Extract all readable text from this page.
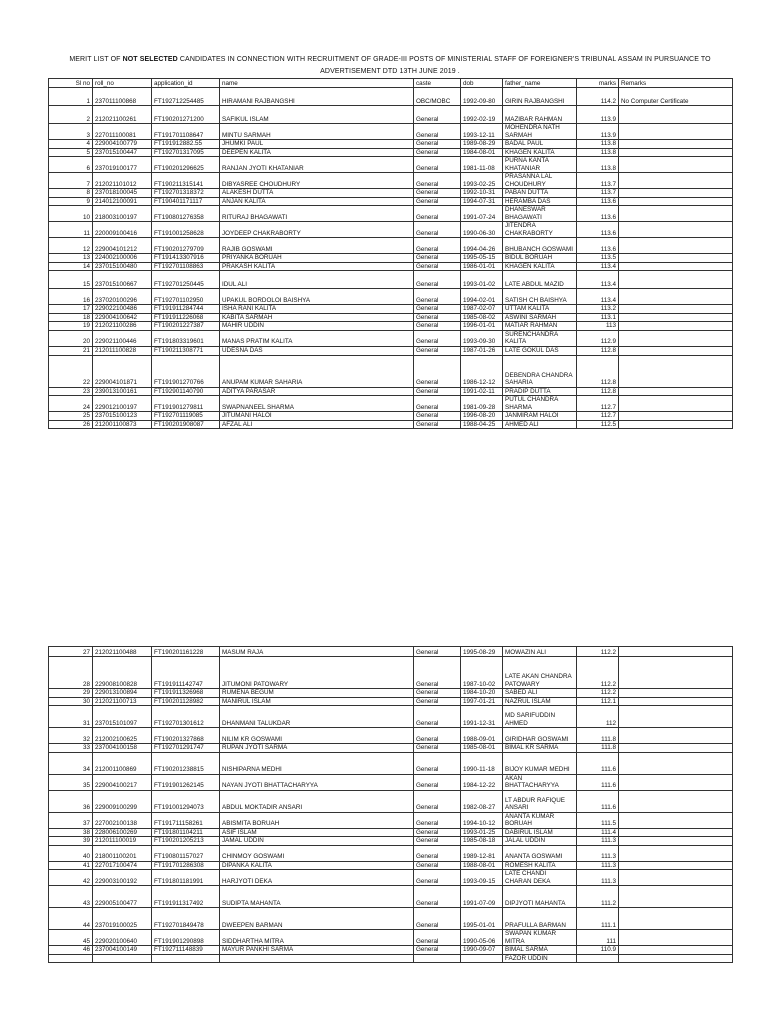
MERIT LIST OF NOT SELECTED CANDIDATES IN CONNECTION WITH RECRUITMENT OF GRADE-III POSTS OF MINISTERIAL STAFF OF FOREIGNER'S TRIBUNAL ASSAM IN PURSUANCE TO
ADVERTISEMENT DTD 13TH JUNE 2019 .
Sl no	roll_no	application_id	name	caste	dob	father_name	marks	Remarks
1	237011100868	FT192712254485	HIRAMANI RAJBANGSHI	OBC/MOBC	1992-09-80	GIRIN RAJBANGSHI	114.2	No Computer Certificate
2	212021100261	FT190201271200	SAFIKUL ISLAM	General	1992-02-19	MAZIBAR RAHMAN	113.9	
3	227011100081	FT191701108647	MINTU SARMAH	General	1993-12-11	MOHENDRA NATH SARMAH	113.9	
4	229004100779	FT191912882.55	JHUMKI PAUL	General	1989-08-29	BADAL PAUL	113.8	
5	237015100447	FT192701317095	DEEPEN KALITA	General	1984-08-01	KHAGEN KALITA	113.8	
6	237019100177	FT190201296625	RANJAN JYOTI KHATANIAR	General	1981-11-08	PURNA KANTA KHATANIAR	113.8	
7	212021101012	FT190211315141	DIBYASREE CHOUDHURY	General	1993-02-25	PRASANNA LAL CHOUDHURY	113.7	
8	237018100045	FT192701318372	ALAKESH DUTTA	General	1992-10-31	PABAN DUTTA	113.7	
9	214012100091	FT190401171117	ANJAN KALITA	General	1994-07-31	HERAMBA DAS	113.6	
10	218003100197	FT190801276358	RITURAJ BHAGAWATI	General	1991-07-24	DHANESWAR BHAGAWATI	113.6	
11	220009100416	FT191001258628	JOYDEEP CHAKRABORTY	General	1990-06-30	JITENDRA CHAKRABORTY	113.6	
12	229004101212	FT190201279709	RAJIB GOSWAMI	General	1994-04-26	BHUBANCH GOSWAMI	113.6	
13	224002100006	FT191413307916	PRIYANKA BORUAH	General	1995-05-15	BIDUL BORUAH	113.5	
14	237015100480	FT192701108863	PRAKASH KALITA	General	1986-01-01	KHAGEN KALITA	113.4	
15	237015100667	FT192701250445	IDUL ALI	General	1993-01-02	LATE ABDUL MAZID	113.4	
16	237020100296	FT192701102950	UPAKUL BORDOLOI BAISHYA	General	1994-02-01	SATISH CH BAISHYA	113.4	
17	229022100486	FT191911284744	ISHA RANI KALITA	General	1987-02-07	UTTAM KALITA	113.2	
18	229004100642	FT191911226068	KABITA SARMAH	General	1985-08-02	ASWINI SARMAH	113.1	
19	212021100286	FT190201227387	MAHIR UDDIN	General	1996-01-01	MATIAR RAHMAN	113	
20	229021100446	FT191803319601	MANAS PRATIM KALITA	General	1993-09-30	SURENCHANDRA KALITA	112.9	
21	212011100828	FT190211308771	UDESNA DAS	General	1987-01-26	LATE GOKUL DAS	112.8	
22	229004101871	FT191901270766	ANUPAM KUMAR SAHARIA	General	1986-12-12	DEBENDRA CHANDRA SAHARIA	112.8	
23	239013100161	FT192901140790	ADITYA PARASAR	General	1991-02-11	PRADIP DUTTA	112.8	
24	229012100197	FT191901279811	SWAPNANEEL SHARMA	General	1981-09-28	PUTUL CHANDRA SHARMA	112.7	
25	237015100123	FT192701119085	JITUMANI HALOI	General	1996-08-20	JANMIRAM HALOI	112.7	
26	212001100873	FT190201908087	AFZAL ALI	General	1988-04-25	AHMED ALI	112.5	
27	212021100488	FT190201161228	MASUM RAJA	General	1995-08-29	MOWAZIN ALI	112.2	
28	229008100828	FT191911142747	JITUMONI PATOWARY	General	1987-10-02	LATE AKAN CHANDRA PATOWARY	112.2	
29	229013100894	FT191911326968	RUMENA BEGUM	General	1984-10-20	SABED ALI	112.2	
30	212021100713	FT190201128982	MANIRUL ISLAM	General	1997-01-21	NAZRUL ISLAM	112.1	
31	237015101097	FT192701301612	DHANMANI TALUKDAR	General	1991-12-31	MD SARIFUDDIN AHMED	112	
32	212002100625	FT190201327868	NILIM KR GOSWAMI	General	1988-09-01	GIRIDHAR GOSWAMI	111.8	
33	237004100158	FT192701291747	RUPAN JYOTI SARMA	General	1985-08-01	BIMAL KR SARMA	111.8	
34	212001100869	FT190201238815	NISHIPARNA MEDHI	General	1990-11-18	BIJOY KUMAR MEDHI	111.6	
35	229004100217	FT191901262145	NAYAN JYOTI BHATTACHARYYA	General	1984-12-22	AKAN BHATTACHARYYA	111.6	
36	229009100299	FT191001294073	ABDUL MOKTADIR ANSARI	General	1982-08-27	LT ABDUR RAFIQUE ANSARI	111.6	
37	227002100138	FT191711158261	ABISMITA BORUAH	General	1994-10-12	ANANTA KUMAR BORUAH	111.5	
38	228006100269	FT191801104211	ASIF ISLAM	General	1993-01-25	DABIRUL ISLAM	111.4	
39	212011100019	FT190201205213	JAMAL UDDIN	General	1985-08-18	JALAL UDDIN	111.3	
40	218001100201	FT190801157027	CHINMOY GOSWAMI	General	1989-12-81	ANANTA GOSWAMI	111.3	
41	227017100474	FT191701286308	DIPANKA KALITA	General	1988-08-01	ROMESH KALITA	111.3	
42	229003100192	FT191801181991	HARJYOTI DEKA	General	1993-09-15	LATE CHANDI CHARAN DEKA	111.3	
43	229005100477	FT191911317492	SUDIPTA MAHANTA	General	1991-07-09	DIPJYOTI MAHANTA	111.2	
44	237019100025	FT192701849478	DWEEPEN BARMAN	General	1995-01-01	PRAFULLA BARMAN	111.1	
45	229020100640	FT191901290898	SIDDHARTHA MITRA	General	1990-05-06	SWAPAN KUMAR MITRA	111	
46	237004100149	FT192711148839	MAYUR PANKHI SARMA	General	1990-09-07	BIMAL SARMA	110.9	
						FAZOR UDDIN		
